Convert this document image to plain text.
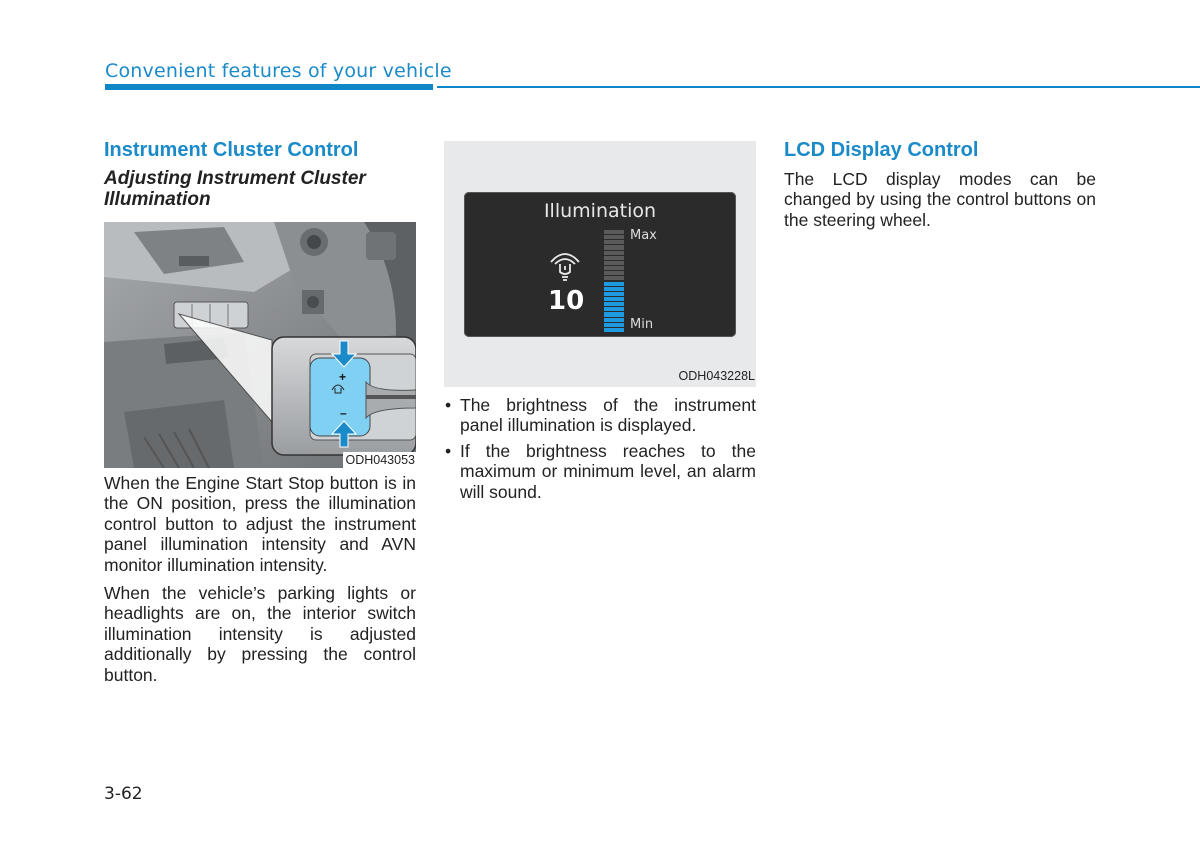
Convenient features of your vehicle
Instrument Cluster Control
Adjusting Instrument Cluster Illumination
+
–
ODH043053

When the Engine Start Stop button is in the ON position, press the illumination control button to adjust the instrument panel illumination intensity and AVN monitor illumination intensity.

When the vehicle’s parking lights or headlights are on, the interior switch illumination intensity is adjusted additionally by pressing the control button.

Illumination
10
Max
Min
ODH043228L
• The brightness of the instrument panel illumination is displayed.
• If the brightness reaches to the maximum or minimum level, an alarm will sound.
LCD Display Control

The LCD display modes can be changed by using the control buttons on the steering wheel.

3-62
